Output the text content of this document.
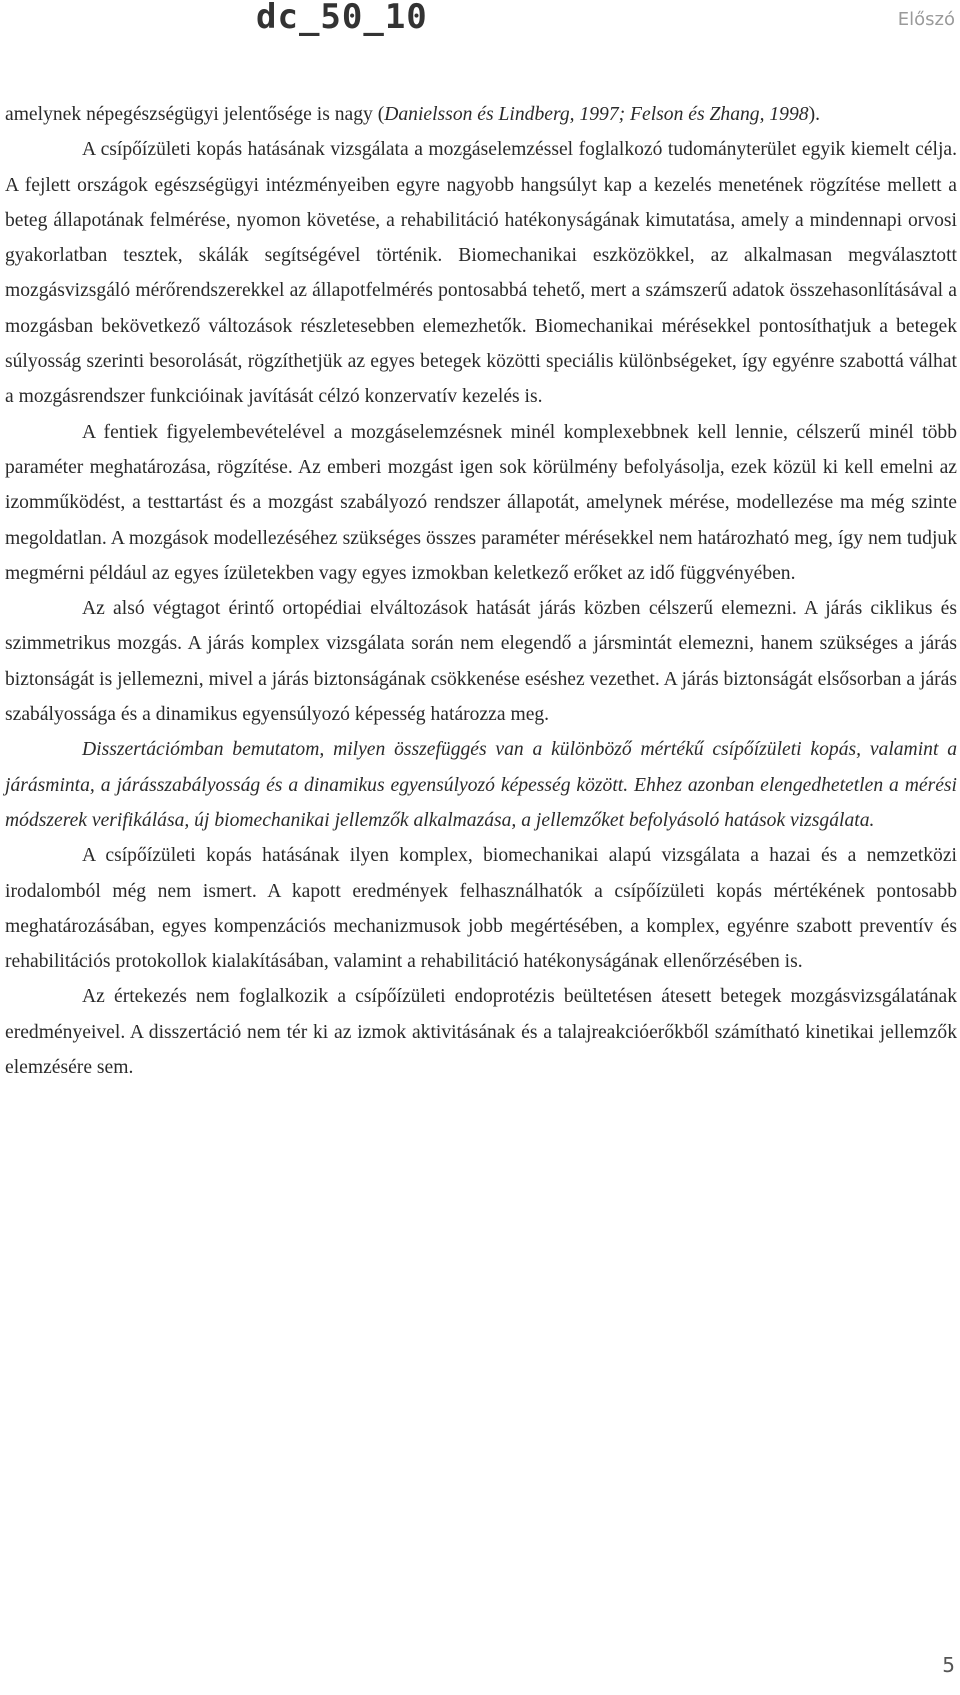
dc_50_10	Előszó

amelynek népegészségügyi jelentősége is nagy (Danielsson és Lindberg, 1997; Felson és Zhang, 1998).

A csípőízületi kopás hatásának vizsgálata a mozgáselemzéssel foglalkozó tudományterület egyik kiemelt célja. A fejlett országok egészségügyi intézményeiben egyre nagyobb hangsúlyt kap a kezelés menetének rögzítése mellett a beteg állapotának felmérése, nyomon követése, a rehabilitáció hatékonyságának kimutatása, amely a mindennapi orvosi gyakorlatban tesztek, skálák segítségével történik. Biomechanikai eszközökkel, az alkalmasan megválasztott mozgásvizsgáló mérőrendszerekkel az állapotfelmérés pontosabbá tehető, mert a számszerű adatok összehasonlításával a mozgásban bekövetkező változások részletesebben elemezhetők. Biomechanikai mérésekkel pontosíthatjuk a betegek súlyosság szerinti besorolását, rögzíthetjük az egyes betegek közötti speciális különbségeket, így egyénre szabottá válhat a mozgásrendszer funkcióinak javítását célzó konzervatív kezelés is.

A fentiek figyelembevételével a mozgáselemzésnek minél komplexebbnek kell lennie, célszerű minél több paraméter meghatározása, rögzítése. Az emberi mozgást igen sok körülmény befolyásolja, ezek közül ki kell emelni az izomműködést, a testtartást és a mozgást szabályozó rendszer állapotát, amelynek mérése, modellezése ma még szinte megoldatlan. A mozgások modellezéséhez szükséges összes paraméter mérésekkel nem határozható meg, így nem tudjuk megmérni például az egyes ízületekben vagy egyes izmokban keletkező erőket az idő függvényében.

Az alsó végtagot érintő ortopédiai elváltozások hatását járás közben célszerű elemezni. A járás ciklikus és szimmetrikus mozgás. A járás komplex vizsgálata során nem elegendő a jársmintát elemezni, hanem szükséges a járás biztonságát is jellemezni, mivel a járás biztonságának csökkenése eséshez vezethet. A járás biztonságát elsősorban a járás szabályossága és a dinamikus egyensúlyozó képesség határozza meg.

Disszertációmban bemutatom, milyen összefüggés van a különböző mértékű csípőízületi kopás, valamint a járásminta, a járásszabályosság és a dinamikus egyensúlyozó képesség között. Ehhez azonban elengedhetetlen a mérési módszerek verifikálása, új biomechanikai jellemzők alkalmazása, a jellemzőket befolyásoló hatások vizsgálata.

A csípőízületi kopás hatásának ilyen komplex, biomechanikai alapú vizsgálata a hazai és a nemzetközi irodalomból még nem ismert. A kapott eredmények felhasználhatók a csípőízületi kopás mértékének pontosabb meghatározásában, egyes kompenzációs mechanizmusok jobb megértésében, a komplex, egyénre szabott preventív és rehabilitációs protokollok kialakításában, valamint a rehabilitáció hatékonyságának ellenőrzésében is.

Az értekezés nem foglalkozik a csípőízületi endoprotézis beültetésen átesett betegek mozgásvizsgálatának eredményeivel. A disszertáció nem tér ki az izmok aktivitásának és a talajreakcióerőkből számítható kinetikai jellemzők elemzésére sem.

5
